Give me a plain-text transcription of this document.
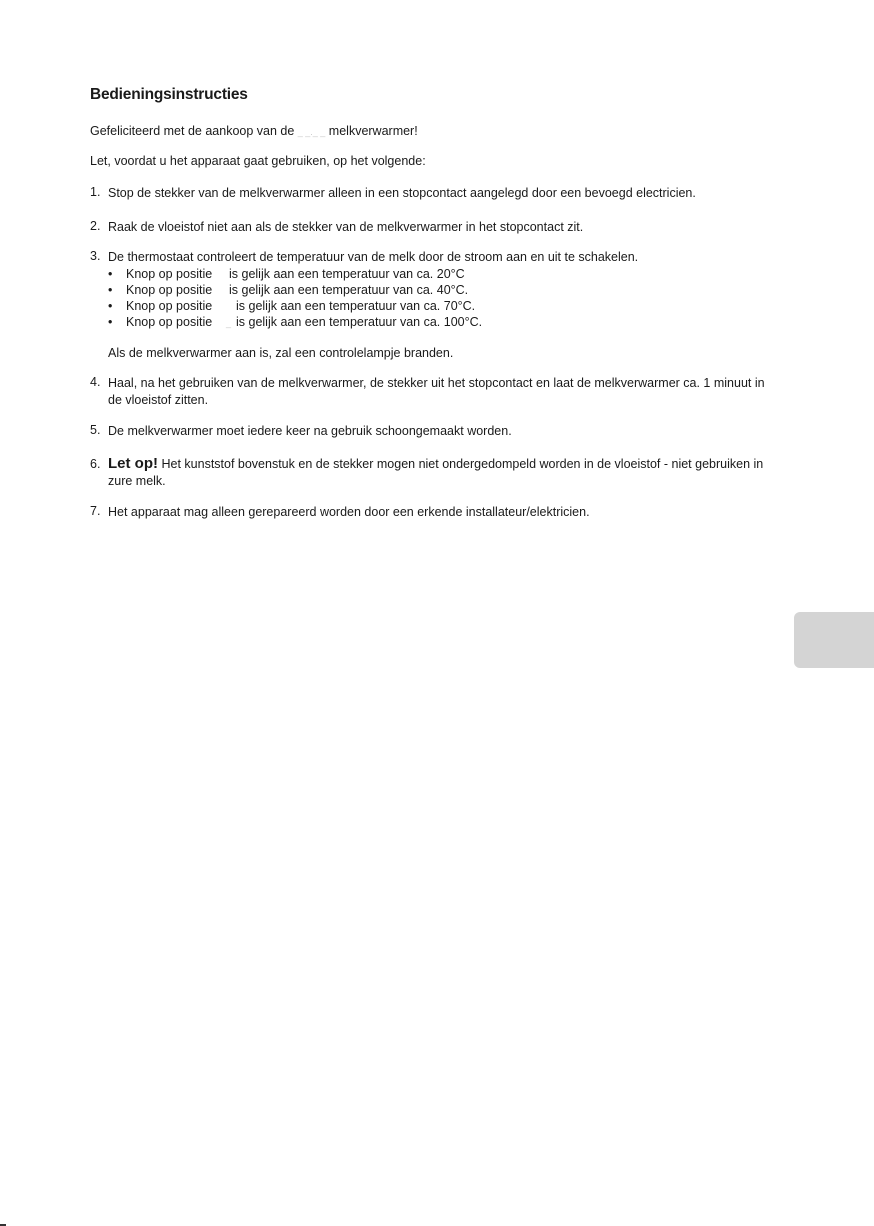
Bedieningsinstructies

Gefeliciteerd met de aankoop van de _ _._ _ melkverwarmer!

Let, voordat u het apparaat gaat gebruiken, op het volgende:

1. Stop de stekker van de melkverwarmer alleen in een stopcontact aangelegd door een bevoegd electricien.

2. Raak de vloeistof niet aan als de stekker van de melkverwarmer in het stopcontact zit.

3. De thermostaat controleert de temperatuur van de melk door de stroom aan en uit te schakelen.

•	Knop op positie is gelijk aan een temperatuur van ca. 20°C
•	Knop op positie is gelijk aan een temperatuur van ca. 40°C.
•	Knop op positie is gelijk aan een temperatuur van ca. 70°C.
•	Knop op positie _ is gelijk aan een temperatuur van ca. 100°C.

Als de melkverwarmer aan is, zal een controlelampje branden.

4. Haal, na het gebruiken van de melkverwarmer, de stekker uit het stopcontact en laat de melkverwarmer ca. 1 minuut in

de vloeistof zitten.

5. De melkverwarmer moet iedere keer na gebruik schoongemaakt worden.

6. Let op! Het kunststof bovenstuk en de stekker mogen niet ondergedompeld worden in de vloeistof - niet gebruiken in

zure melk.

7. Het apparaat mag alleen gerepareerd worden door een erkende installateur/elektricien.
